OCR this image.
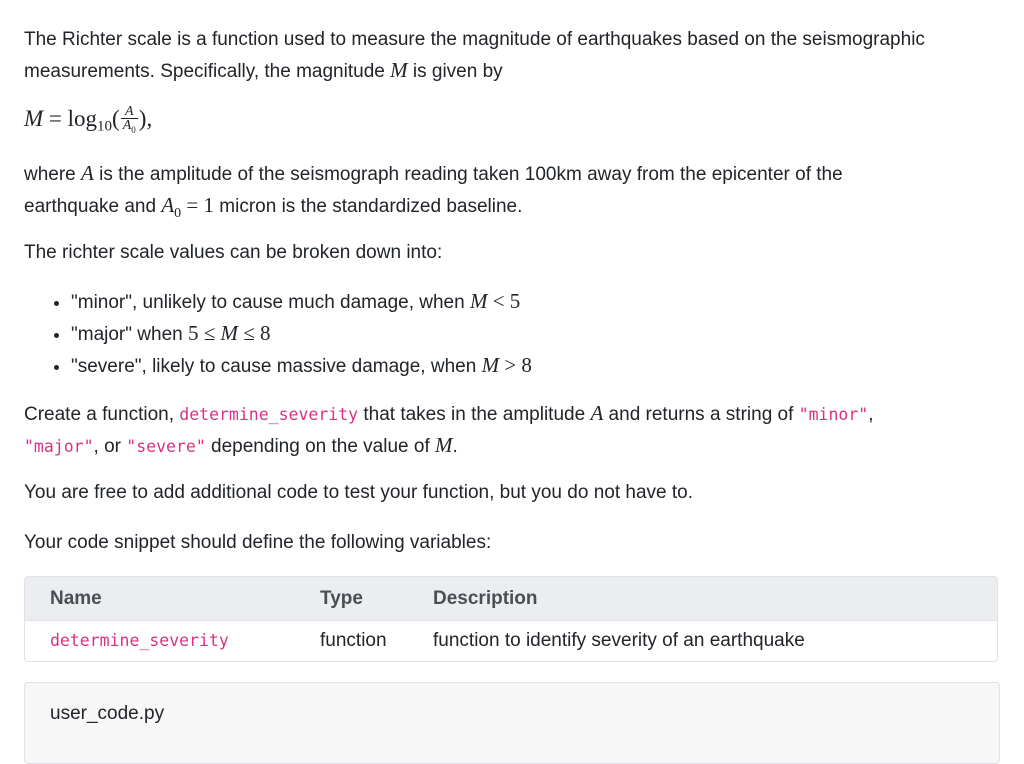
The Richter scale is a function used to measure the magnitude of earthquakes based on the seismographic
measurements. Specifically, the magnitude M is given by

$M = \log_{10}( \frac{A}{A_0}$ ),

where A is the amplitude of the seismograph reading taken 100km away from the epicenter of the
earthquake and $A_0 = 1$ micron is the standardized baseline.

The richter scale values can be broken down into:

• "minor", unlikely to cause much damage, when M < 5
• "major" when 5 ≤ M ≤ 8
• "severe", likely to cause massive damage, when M > 8

Create a function, determine_severity that takes in the amplitude A and returns a string of "minor",
"major", or "severe" depending on the value of M.

You are free to add additional code to test your function, but you do not have to.

Your code snippet should define the following variables:

Name	Type	Description
determine_severity	function	function to identify severity of an earthquake
user_code.py
